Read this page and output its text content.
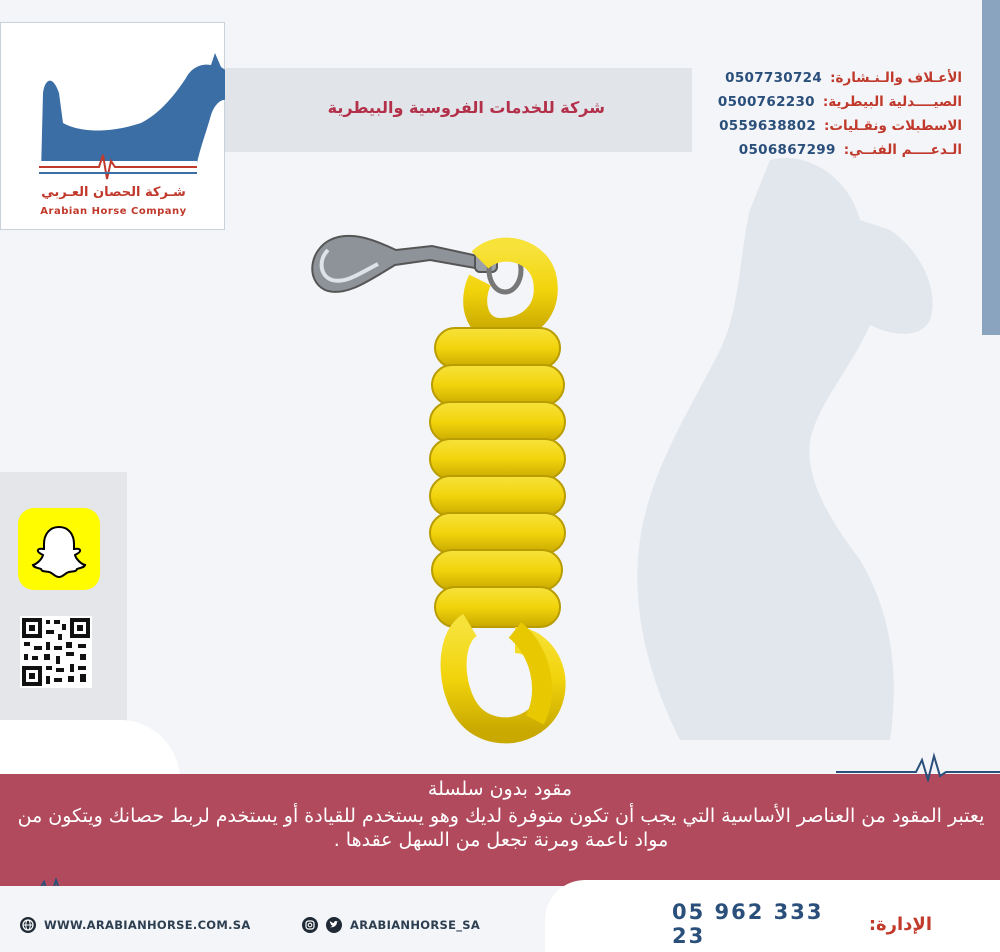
شـركة الحصان العـربي
Arabian Horse Company
شركة للخدمات الفروسية والبيطرية
0507730724 الأعـلاف والـنـشارة:
0500762230 الصيــــدلية البيطرية:
0559638802 الاسطبلات ونقـليات:
0506867299 الـدعــــم الفنــي:
مقود بدون سلسلة
يعتبر المقود من العناصر الأساسية التي يجب أن تكون متوفرة لديك وهو يستخدم للقيادة أو يستخدم لربط حصانك ويتكون من مواد ناعمة ومرنة تجعل من السهل عقدها .
WWW.ARABIANHORSE.COM.SA	ARABIANHORSE_SA
05 962 333 23	الإدارة:
